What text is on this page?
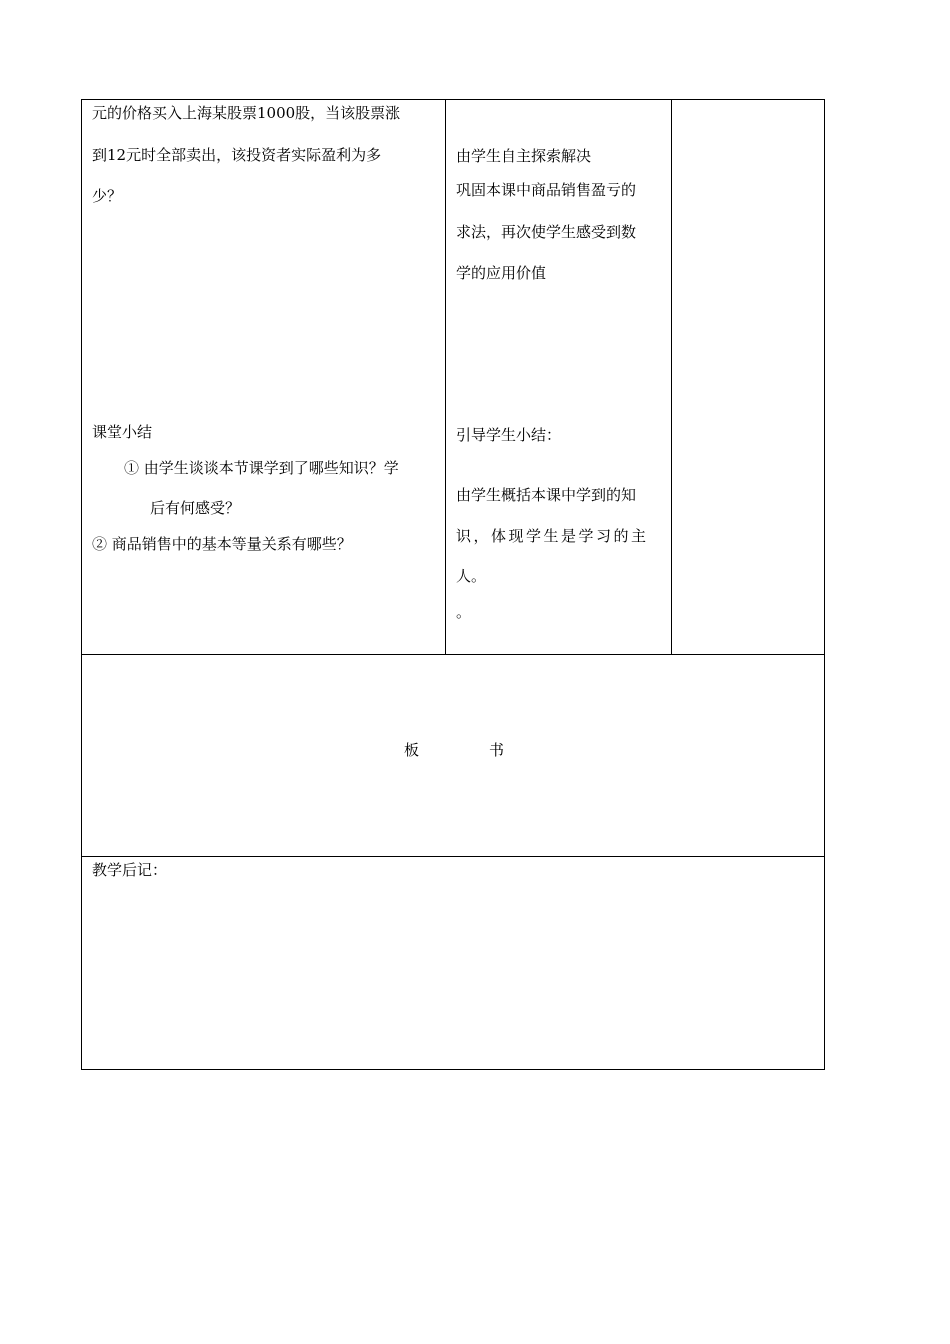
元的价格买入上海某股票1000股，当该股票涨
到12元时全部卖出，该投资者实际盈利为多
少？
课堂小结
① 由学生谈谈本节课学到了哪些知识？学
后有何感受？
② 商品销售中的基本等量关系有哪些？
由学生自主探索解决
巩固本课中商品销售盈亏的
求法，再次使学生感受到数
学的应用价值
引导学生小结：
由学生概括本课中学到的知
识，体现学生是学习的主
人。
。
板	书
教学后记：
